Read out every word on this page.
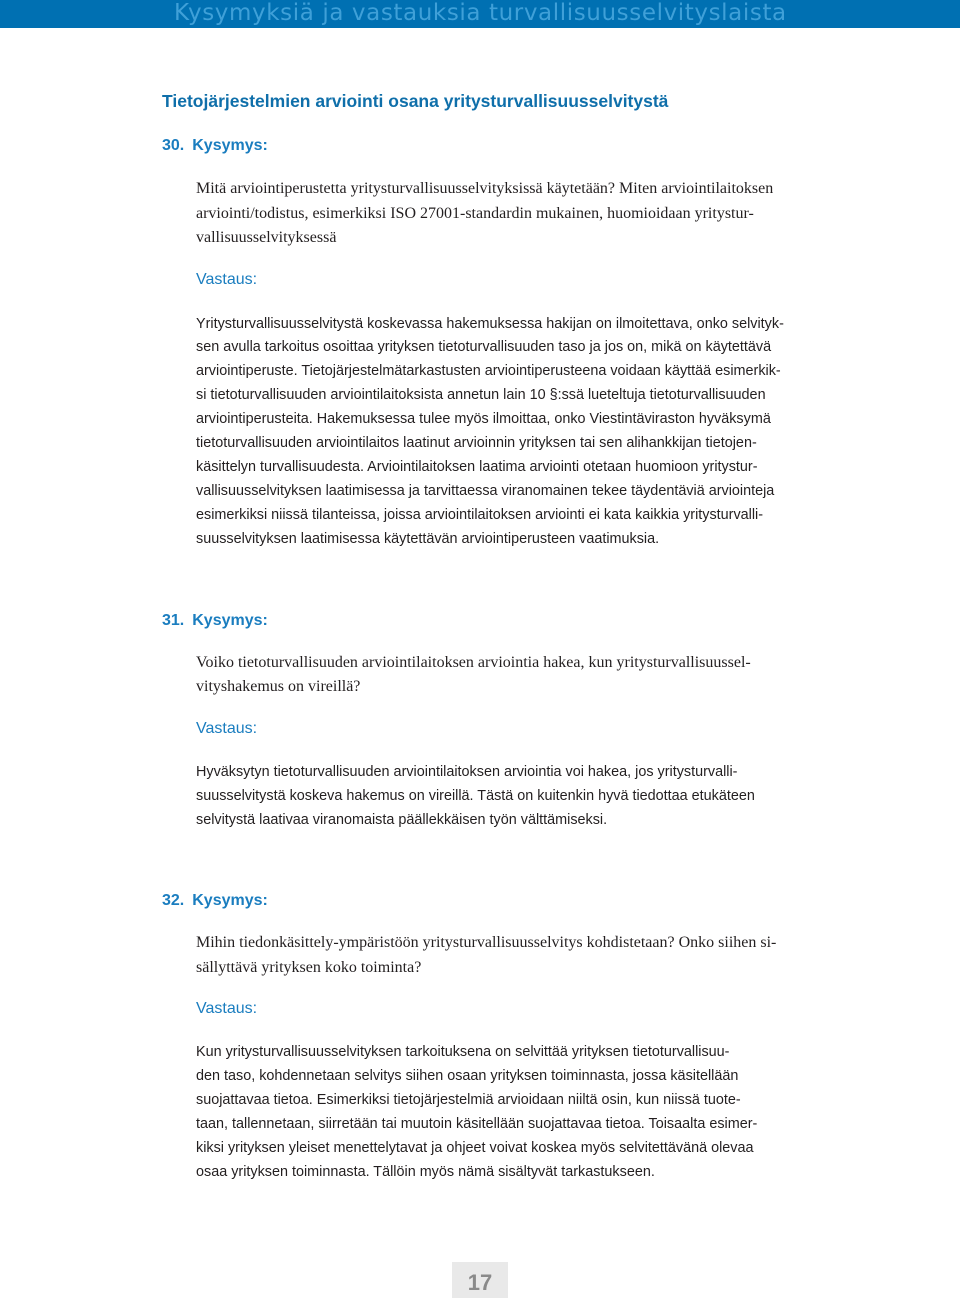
Kysymyksiä ja vastauksia turvallisuusselvityslaista
Tietojärjestelmien arviointi osana yritysturvallisuusselvitystä
30. Kysymys:
Mitä arviointiperustetta yritysturvallisuusselvityksissä käytetään? Miten arviointilaitoksen
arviointi/todistus, esimerkiksi ISO 27001-standardin mukainen, huomioidaan yritystur-
vallisuusselvityksessä
Vastaus:
Yritysturvallisuusselvitystä koskevassa hakemuksessa hakijan on ilmoitettava, onko selvityk-
sen avulla tarkoitus osoittaa yrityksen tietoturvallisuuden taso ja jos on, mikä on käytettävä
arviointiperuste. Tietojärjestelmätarkastusten arviointiperusteena voidaan käyttää esimerkik-
si tietoturvallisuuden arviointilaitoksista annetun lain 10 §:ssä lueteltuja tietoturvallisuuden
arviointiperusteita. Hakemuksessa tulee myös ilmoittaa, onko Viestintäviraston hyväksymä
tietoturvallisuuden arviointilaitos laatinut arvioinnin yrityksen tai sen alihankkijan tietojen-
käsittelyn turvallisuudesta. Arviointilaitoksen laatima arviointi otetaan huomioon yritystur-
vallisuusselvityksen laatimisessa ja tarvittaessa viranomainen tekee täydentäviä arviointeja
esimerkiksi niissä tilanteissa, joissa arviointilaitoksen arviointi ei kata kaikkia yritysturvalli-
suusselvityksen laatimisessa käytettävän arviointiperusteen vaatimuksia.
31. Kysymys:
Voiko tietoturvallisuuden arviointilaitoksen arviointia hakea, kun yritysturvallisuussel-
vityshakemus on vireillä?
Vastaus:
Hyväksytyn tietoturvallisuuden arviointilaitoksen arviointia voi hakea, jos yritysturvalli-
suusselvitystä koskeva hakemus on vireillä. Tästä on kuitenkin hyvä tiedottaa etukäteen
selvitystä laativaa viranomaista päällekkäisen työn välttämiseksi.
32. Kysymys:
Mihin tiedonkäsittely-ympäristöön yritysturvallisuusselvitys kohdistetaan? Onko siihen si-
sällyttävä yrityksen koko toiminta?
Vastaus:
Kun yritysturvallisuusselvityksen tarkoituksena on selvittää yrityksen tietoturvallisuu-
den taso, kohdennetaan selvitys siihen osaan yrityksen toiminnasta, jossa käsitellään
suojattavaa tietoa. Esimerkiksi tietojärjestelmiä arvioidaan niiltä osin, kun niissä tuote-
taan, tallennetaan, siirretään tai muutoin käsitellään suojattavaa tietoa. Toisaalta esimer-
kiksi yrityksen yleiset menettelytavat ja ohjeet voivat koskea myös selvitettävänä olevaa
osaa yrityksen toiminnasta. Tällöin myös nämä sisältyvät tarkastukseen.
17
